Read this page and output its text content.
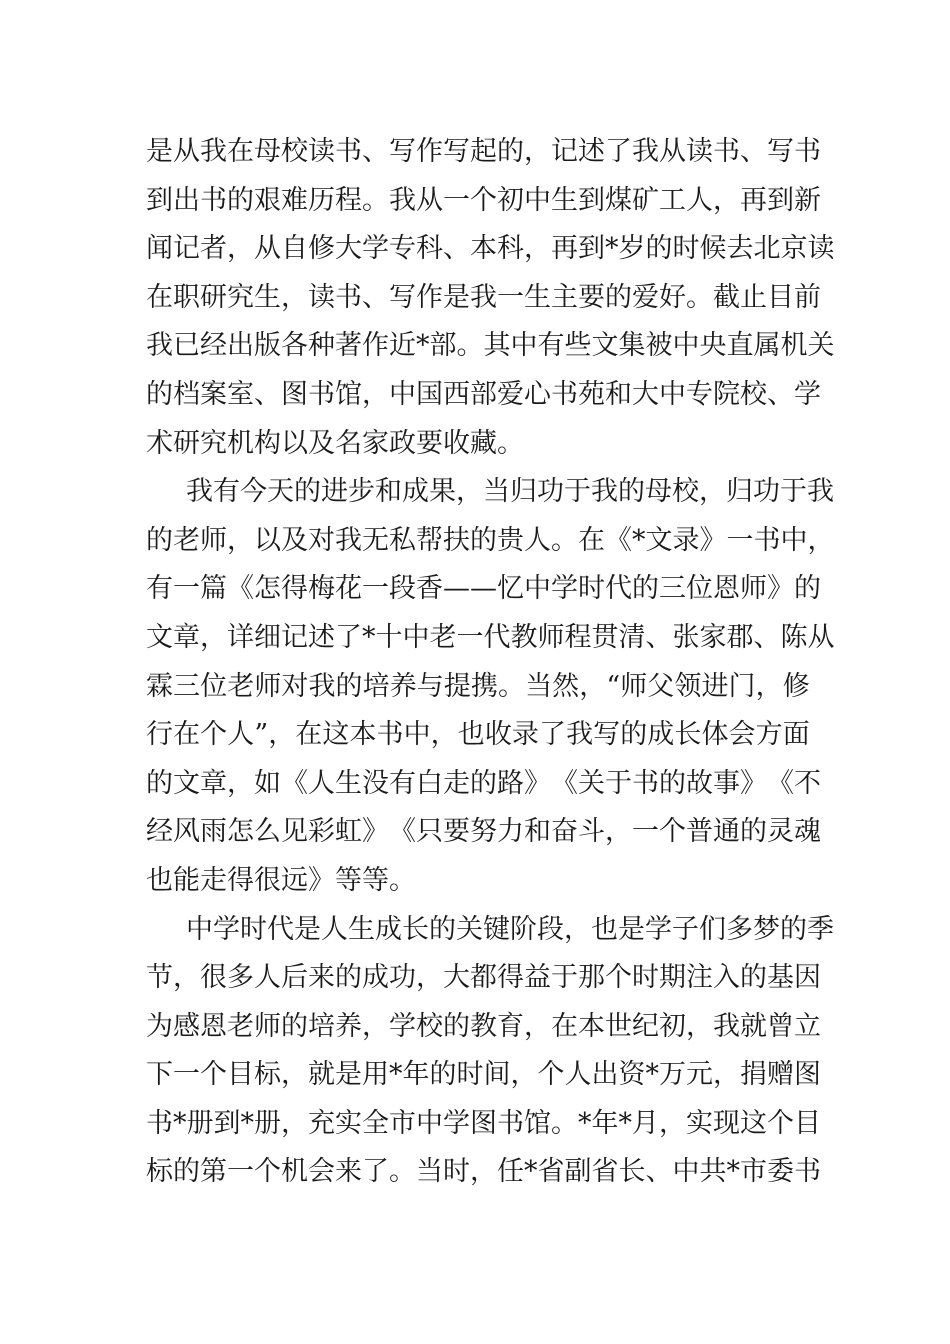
是 从 我 在 母 校 读 书 、 写 作 写 起 的 ， 记 述 了 我 从 读 书 、 写 书
到 出 书 的 艰 难 历 程 。 我 从 一 个 初 中 生 到 煤 矿 工 人 ， 再 到 新
闻 记 者 ， 从 自 修 大 学 专 科 、 本 科 ， 再 到 * 岁 的 时 候 去 北 京 读
在 职 研 究 生 ， 读 书 、 写 作 是 我 一 生 主 要 的 爱 好 。 截 止 目 前
我 已 经 出 版 各 种 著 作 近 * 部 。 其 中 有 些 文 集 被 中 央 直 属 机 关
的 档 案 室 、 图 书 馆 ， 中 国 西 部 爱 心 书 苑 和 大 中 专 院 校 、 学
术研究机构以及名家政要收藏。
我 有 今 天 的 进 步 和 成 果 ， 当 归 功 于 我 的 母 校 ， 归 功 于 我
的 老 师 ， 以 及 对 我 无 私 帮 扶 的 贵 人 。 在 《 * 文 录 》 一 书 中 ，
有 一 篇 《 怎 得 梅 花 一 段 香 — — 忆 中 学 时 代 的 三 位 恩 师 》 的
文 章 ， 详 细 记 述 了 * 十 中 老 一 代 教 师 程 贯 清 、 张 家 郡 、 陈 从
霖 三 位 老 师 对 我 的 培 养 与 提 携 。 当 然 ， “ 师 父 领 进 门 ， 修
行 在 个 人 ” ， 在 这 本 书 中 ， 也 收 录 了 我 写 的 成 长 体 会 方 面
的 文 章 ， 如 《 人 生 没 有 白 走 的 路 》 《 关 于 书 的 故 事 》 《 不
经 风 雨 怎 么 见 彩 虹 》 《 只 要 努 力 和 奋 斗 ， 一 个 普 通 的 灵 魂
也能走得很远》等等。
中 学 时 代 是 人 生 成 长 的 关 键 阶 段 ， 也 是 学 子 们 多 梦 的 季
节 ， 很 多 人 后 来 的 成 功 ， 大 都 得 益 于 那 个 时 期 注 入 的 基 因
为 感 恩 老 师 的 培 养 ， 学 校 的 教 育 ， 在 本 世 纪 初 ， 我 就 曾 立
下 一 个 目 标 ， 就 是 用 * 年 的 时 间 ， 个 人 出 资 * 万 元 ， 捐 赠 图
书 * 册 到 * 册 ， 充 实 全 市 中 学 图 书 馆 。 * 年 * 月 ， 实 现 这 个 目
标 的 第 一 个 机 会 来 了 。 当 时 ， 任 * 省 副 省 长 、 中 共 * 市 委 书
